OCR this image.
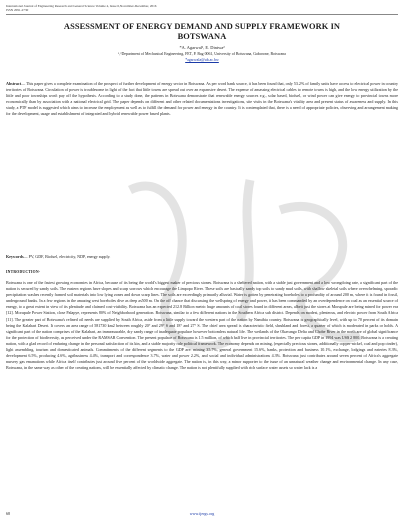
International Journal of Engineering Research and General Science Volume 4, Issue 6,November-December, 2016
ISSN 2091-2730
ASSESSMENT OF ENERGY DEMAND AND SUPPLY FRAMEWORK IN
BOTSWANA
*A. Agarwal¹, E. Dintwa²
¹,²Department of Mechanical Engineering, FET, P. Bag 0061, University of Botswana, Gaborone, Botswana
*agarwala@ub.ac.bw

Abstract— This paper gives a complete examination of the prospect of further development of energy sector in Botswana. As per word bank source, it has been found that, only 53.2% of family units have access to electrical power in country territories of Botswana. Circulation of power is troublesome in light of the fact that little towns are spread out over an expansive desert. The expense of amassing electrical cables to remote towns is high, and the low energy utilization by the little and poor townships won't pay off the hypothesis. According to a study done, the patterns in Botswana demonstrate that renewable energy sources e.g., solar based, biofuel, or wind power can give energy to provincial towns more economically than by association with a national electrical grid. The paper depends on different and other related documentations investigations, site visits in the Botswana's vitality area and present status of awareness and supply. In this study, a PTF model is suggested which aims to increase the employment as well as to fulfill the demand for power and energy in the country. It is contemplated that, there is a need of appropriate policies, observing and arrangement making for the development, usage and establishment of integrated and hybrid renewable power based plants.

Keywords— PV, GDF, Biofuel, electricity, NDP, energy supply.

INTRODUCTION-

Botswana is one of the fastest growing economies in Africa, because of its being the world's biggest maker of precious stones. Botswana is a sheltered nation, with a stable just government and a low wrongdoing rate, a significant part of the nation is secured by sandy soils. The eastern regions have slopes and scarp sorrows which encourage the Limpopo River. These soils are basically sandy top soils to sandy mud soils, with shallow skeletal soils where overwhelming, sporadic precipitation washes recently framed soil materials into low lying zones and down scarp lines. The soils are exceedingly primarily alluvial. Water is gotten by penetrating boreholes to a profundity of around 200 m, where it is found in fossil, underground banks. In a few regions in the amazing west boreholes dive as deep as500 m. On the off chance that discussing the wellspring of energy and power, it has been commanded by an overdependence on coal as an essential source of energy, to a great extent in view of its plenitude and claimed cost-viability. Botswana has an expected 212.8 Billion metric huge amounts of coal stores found in different areas, albeit just the stores at Morupule are being mined for power era [12]. Morupule Power Station, close Palapye, represents 80% of Neighborhood generation. Botswana, similar to a few different nations in the Southern Africa sub district. Depends on modest, plenteous, and electric power from South Africa [11]. The greater part of Botswana's refined oil needs are supplied by South Africa, aside from a little supply toward the western part of the nation by Namibia country. Botswana is geographically level, with up to 70 percent of its domain being the Kalahari Desert. It covers an area range of 581730 km2 between roughly 20° and 29° S and 18° and 27° S. The chief area spread is characteristic field, shrubland and forest, a quarter of which is moderated in parks or holds. A significant part of the nation comprises of the Kalahari, an immeasurable, dry sandy range of inadequate populace however bottomless natural life. The wetlands of the Okavango Delta and Chobe River in the north are of global significance for the protection of biodiversity, as perceived under the RAMSAR Convention. The present populace of Botswana is 1.5 million, of which half live in provincial territories. The per capita GDP in 1994 was US$ 2 800. Botswana is a creating nation, with a glad record of enduring change in the personal satisfaction of its kin, and a stable majority rule political framework. The economy depends on mining, (especially precious stones, additionally copper-nickel, coal and pop cinder), light assembling, tourism and domesticated animals. Commitments of the different segments to the GDP are: mining 35.7%, general government 15.6%, banks, protection and business 10.1%, exchange, lodgings and eateries 8.3%, development 6.5%, producing 4.6%, agribusiness 4.4%, transport and correspondence 3.7%, water and power 2.2%, and social and individual administrations 4.3%. Botswana just contributes around seven percent of Africa's aggregate nursery gas emanations while Africa itself contributes just around five percent of the worldwide aggregate. The nation is, in this way, a minor supporter to the issue of an unnatural weather change and environmental change. In any case, Botswana, in the same way as other of the creating nations, will be essentially affected by climatic change. The nation is not plentifully supplied with rich surface water assets so water lack is a

68	www.ijergs.org
